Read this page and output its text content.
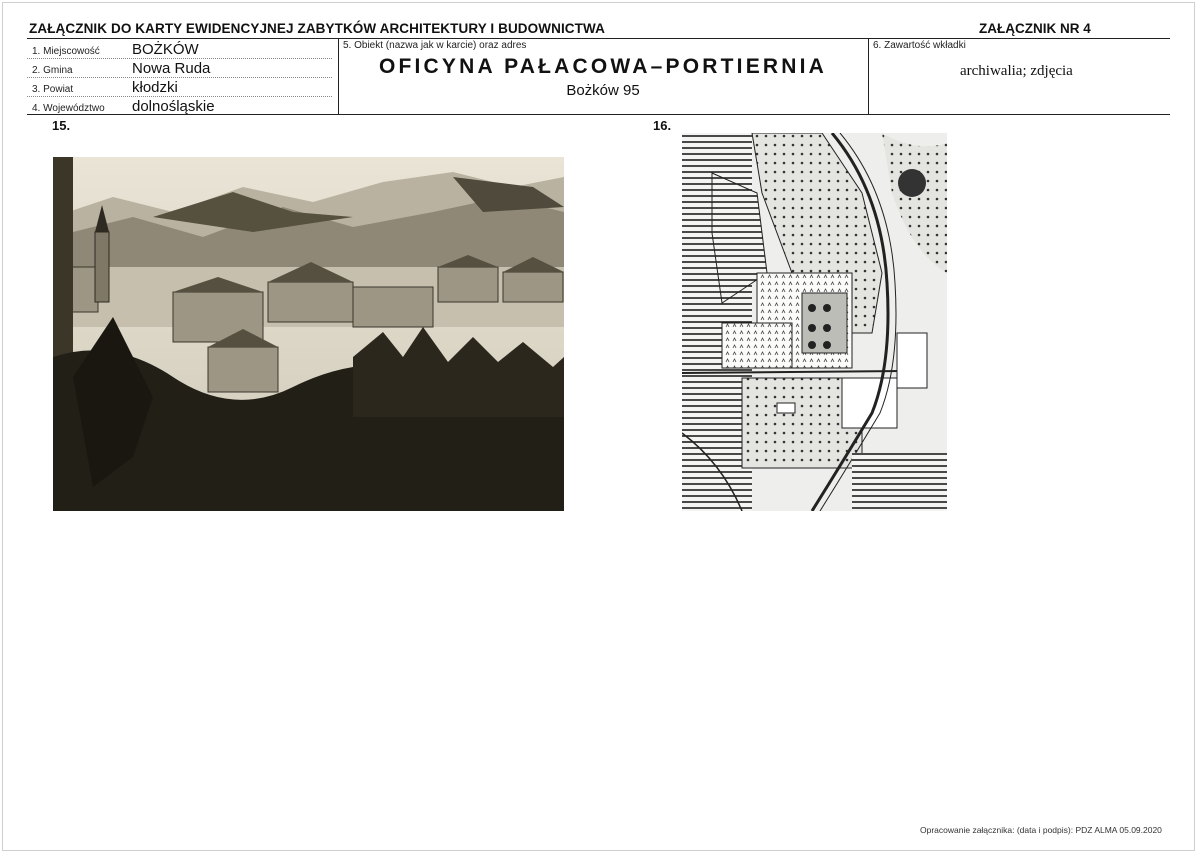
ZAŁĄCZNIK DO KARTY EWIDENCYJNEJ ZABYTKÓW ARCHITEKTURY I BUDOWNICTWA	ZAŁĄCZNIK NR 4
1. Miejscowość BOŻKÓW
2. Gmina	Nowa Ruda
3. Powiat	kłodzki
4. Województwo dolnośląskie
5. Obiekt (nazwa jak w karcie) oraz adres
OFICYNA PAŁACOWA–PORTIERNIA
Bożków 95
6. Zawartość wkładki
archiwalia; zdjęcia
15.	16.
Opracowanie załącznika: (data i podpis): PDZ ALMA 05.09.2020
